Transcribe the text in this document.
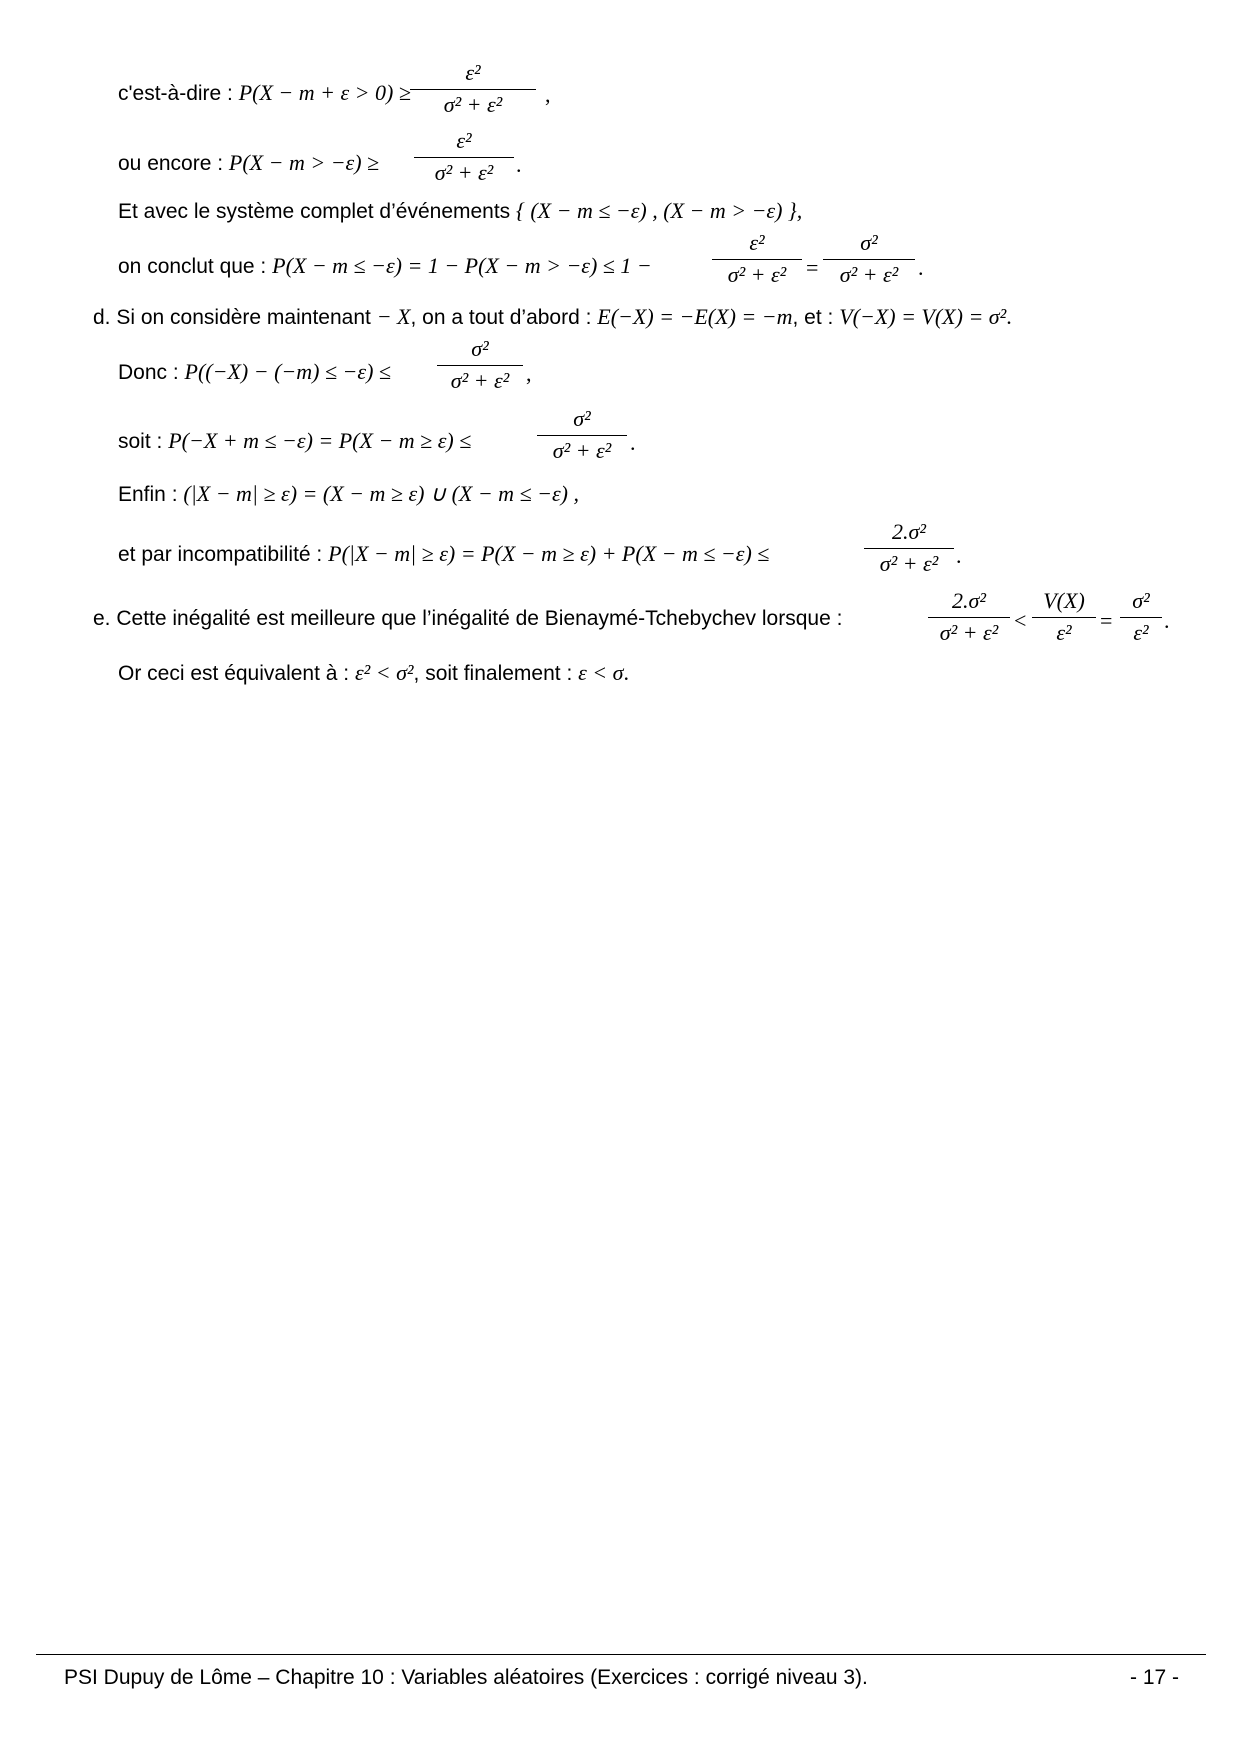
c'est-à-dire : P(X − m + ε > 0) ≥
ε²
σ² + ε²	,
ou encore : P(X − m > −ε) ≥
ε²
σ² + ε²	.
Et avec le système complet d’événements { (X − m ≤ −ε) , (X − m > −ε) },
on conclut que : P(X − m ≤ −ε) = 1 − P(X − m > −ε) ≤ 1 −
ε²
σ² + ε² =
σ²
σ² + ε² .
d. Si on considère maintenant − X, on a tout d’abord : E(−X) = −E(X) = −m, et : V(−X) = V(X) = σ².
Donc : P((−X) − (−m) ≤ −ε) ≤
σ²
σ² + ε² ,
soit : P(−X + m ≤ −ε) = P(X − m ≥ ε) ≤
σ²
σ² + ε² .
Enfin : (|X − m| ≥ ε) = (X − m ≥ ε) ∪ (X − m ≤ −ε) ,
et par incompatibilité : P(|X − m| ≥ ε) = P(X − m ≥ ε) + P(X − m ≤ −ε) ≤
2.σ²
σ² + ε² .
e. Cette inégalité est meilleure que l’inégalité de Bienaymé-Tchebychev lorsque :
2.σ²
σ² + ε² <
V(X)
ε²	=
σ²
ε² .
Or ceci est équivalent à : ε² < σ², soit finalement : ε < σ.
PSI Dupuy de Lôme – Chapitre 10 : Variables aléatoires (Exercices : corrigé niveau 3).	- 17 -
